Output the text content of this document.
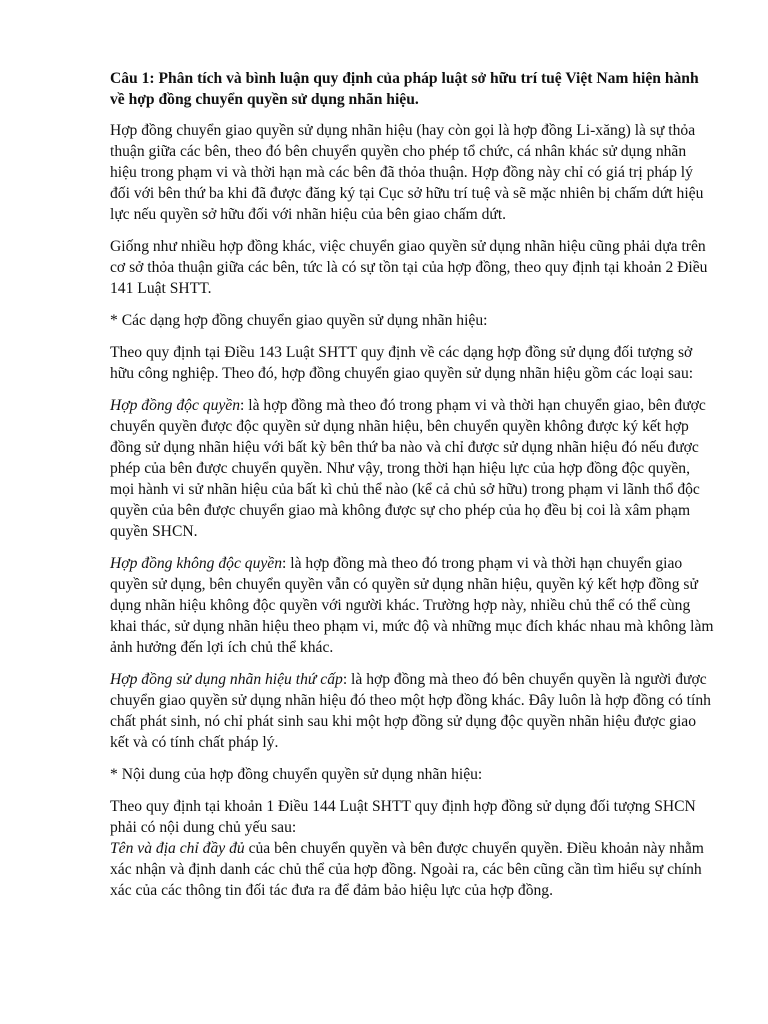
Câu 1: Phân tích và bình luận quy định của pháp luật sở hữu trí tuệ Việt Nam hiện hành về hợp đồng chuyển quyền sử dụng nhãn hiệu.

Hợp đồng chuyển giao quyền sử dụng nhãn hiệu (hay còn gọi là hợp đồng Li-xăng) là sự thỏa thuận giữa các bên, theo đó bên chuyển quyền cho phép tổ chức, cá nhân khác sử dụng nhãn hiệu trong phạm vi và thời hạn mà các bên đã thỏa thuận. Hợp đồng này chỉ có giá trị pháp lý đối với bên thứ ba khi đã được đăng ký tại Cục sở hữu trí tuệ và sẽ mặc nhiên bị chấm dứt hiệu lực nếu quyền sở hữu đối với nhãn hiệu của bên giao chấm dứt.

Giống như nhiều hợp đồng khác, việc chuyển giao quyền sử dụng nhãn hiệu cũng phải dựa trên cơ sở thỏa thuận giữa các bên, tức là có sự tồn tại của hợp đồng, theo quy định tại khoản 2 Điều 141 Luật SHTT.

* Các dạng hợp đồng chuyển giao quyền sử dụng nhãn hiệu:

Theo quy định tại Điều 143 Luật SHTT quy định về các dạng hợp đồng sử dụng đối tượng sở hữu công nghiệp. Theo đó, hợp đồng chuyển giao quyền sử dụng nhãn hiệu gồm các loại sau:

Hợp đồng độc quyền: là hợp đồng mà theo đó trong phạm vi và thời hạn chuyển giao, bên được chuyển quyền được độc quyền sử dụng nhãn hiệu, bên chuyển quyền không được ký kết hợp đồng sử dụng nhãn hiệu với bất kỳ bên thứ ba nào và chỉ được sử dụng nhãn hiệu đó nếu được phép của bên được chuyển quyền. Như vậy, trong thời hạn hiệu lực của hợp đồng độc quyền, mọi hành vi sử nhãn hiệu của bất kì chủ thể nào (kể cả chủ sở hữu) trong phạm vi lãnh thổ độc quyền của bên được chuyển giao mà không được sự cho phép của họ đều bị coi là xâm phạm quyền SHCN.

Hợp đồng không độc quyền: là hợp đồng mà theo đó trong phạm vi và thời hạn chuyển giao quyền sử dụng, bên chuyển quyền vẫn có quyền sử dụng nhãn hiệu, quyền ký kết hợp đồng sử dụng nhãn hiệu không độc quyền với người khác. Trường hợp này, nhiều chủ thể có thể cùng khai thác, sử dụng nhãn hiệu theo phạm vi, mức độ và những mục đích khác nhau mà không làm ảnh hưởng đến lợi ích chủ thể khác.

Hợp đồng sử dụng nhãn hiệu thứ cấp: là hợp đồng mà theo đó bên chuyển quyền là người được chuyển giao quyền sử dụng nhãn hiệu đó theo một hợp đồng khác. Đây luôn là hợp đồng có tính chất phát sinh, nó chỉ phát sinh sau khi một hợp đồng sử dụng độc quyền nhãn hiệu được giao kết và có tính chất pháp lý.

* Nội dung của hợp đồng chuyển quyền sử dụng nhãn hiệu:

Theo quy định tại khoản 1 Điều 144 Luật SHTT quy định hợp đồng sử dụng đối tượng SHCN phải có nội dung chủ yếu sau:

Tên và địa chỉ đầy đủ của bên chuyển quyền và bên được chuyển quyền. Điều khoản này nhằm xác nhận và định danh các chủ thể của hợp đồng. Ngoài ra, các bên cũng cần tìm hiểu sự chính xác của các thông tin đối tác đưa ra để đảm bảo hiệu lực của hợp đồng.
